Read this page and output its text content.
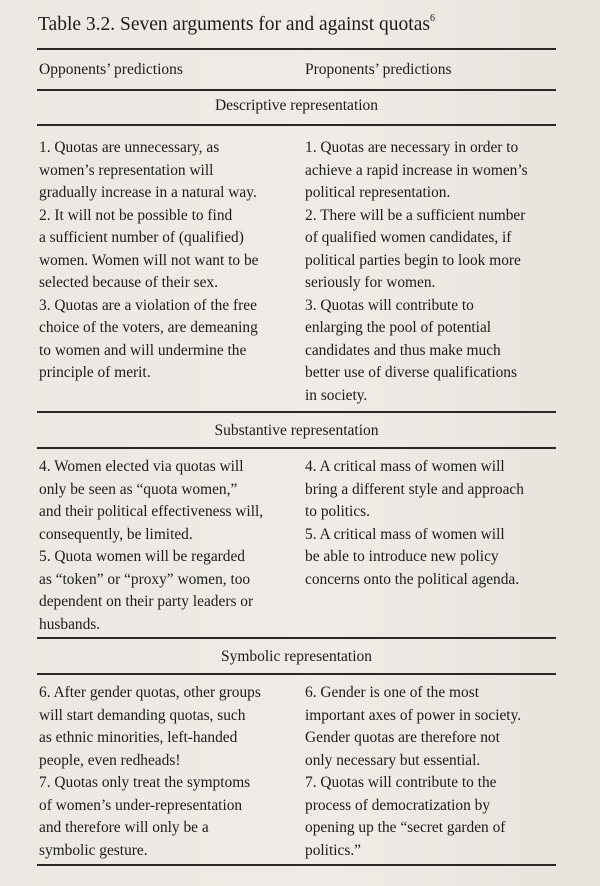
Table 3.2. Seven arguments for and against quotas$^6$
Opponents’ predictions	Proponents’ predictions
Descriptive representation
1. Quotas are unnecessary, as
women’s representation will
gradually increase in a natural way.
2. It will not be possible to find
a sufficient number of (qualified)
women. Women will not want to be
selected because of their sex.
3. Quotas are a violation of the free
choice of the voters, are demeaning
to women and will undermine the
principle of merit.
1. Quotas are necessary in order to
achieve a rapid increase in women’s
political representation.
2. There will be a sufficient number
of qualified women candidates, if
political parties begin to look more
seriously for women.
3. Quotas will contribute to
enlarging the pool of potential
candidates and thus make much
better use of diverse qualifications
in society.
Substantive representation
4. Women elected via quotas will
only be seen as “quota women,”
and their political effectiveness will,
consequently, be limited.
5. Quota women will be regarded
as “token” or “proxy” women, too
dependent on their party leaders or
husbands.
4. A critical mass of women will
bring a different style and approach
to politics.
5. A critical mass of women will
be able to introduce new policy
concerns onto the political agenda.
Symbolic representation
6. After gender quotas, other groups
will start demanding quotas, such
as ethnic minorities, left-handed
people, even redheads!
7. Quotas only treat the symptoms
of women’s under-representation
and therefore will only be a
symbolic gesture.
6. Gender is one of the most
important axes of power in society.
Gender quotas are therefore not
only necessary but essential.
7. Quotas will contribute to the
process of democratization by
opening up the “secret garden of
politics.”
